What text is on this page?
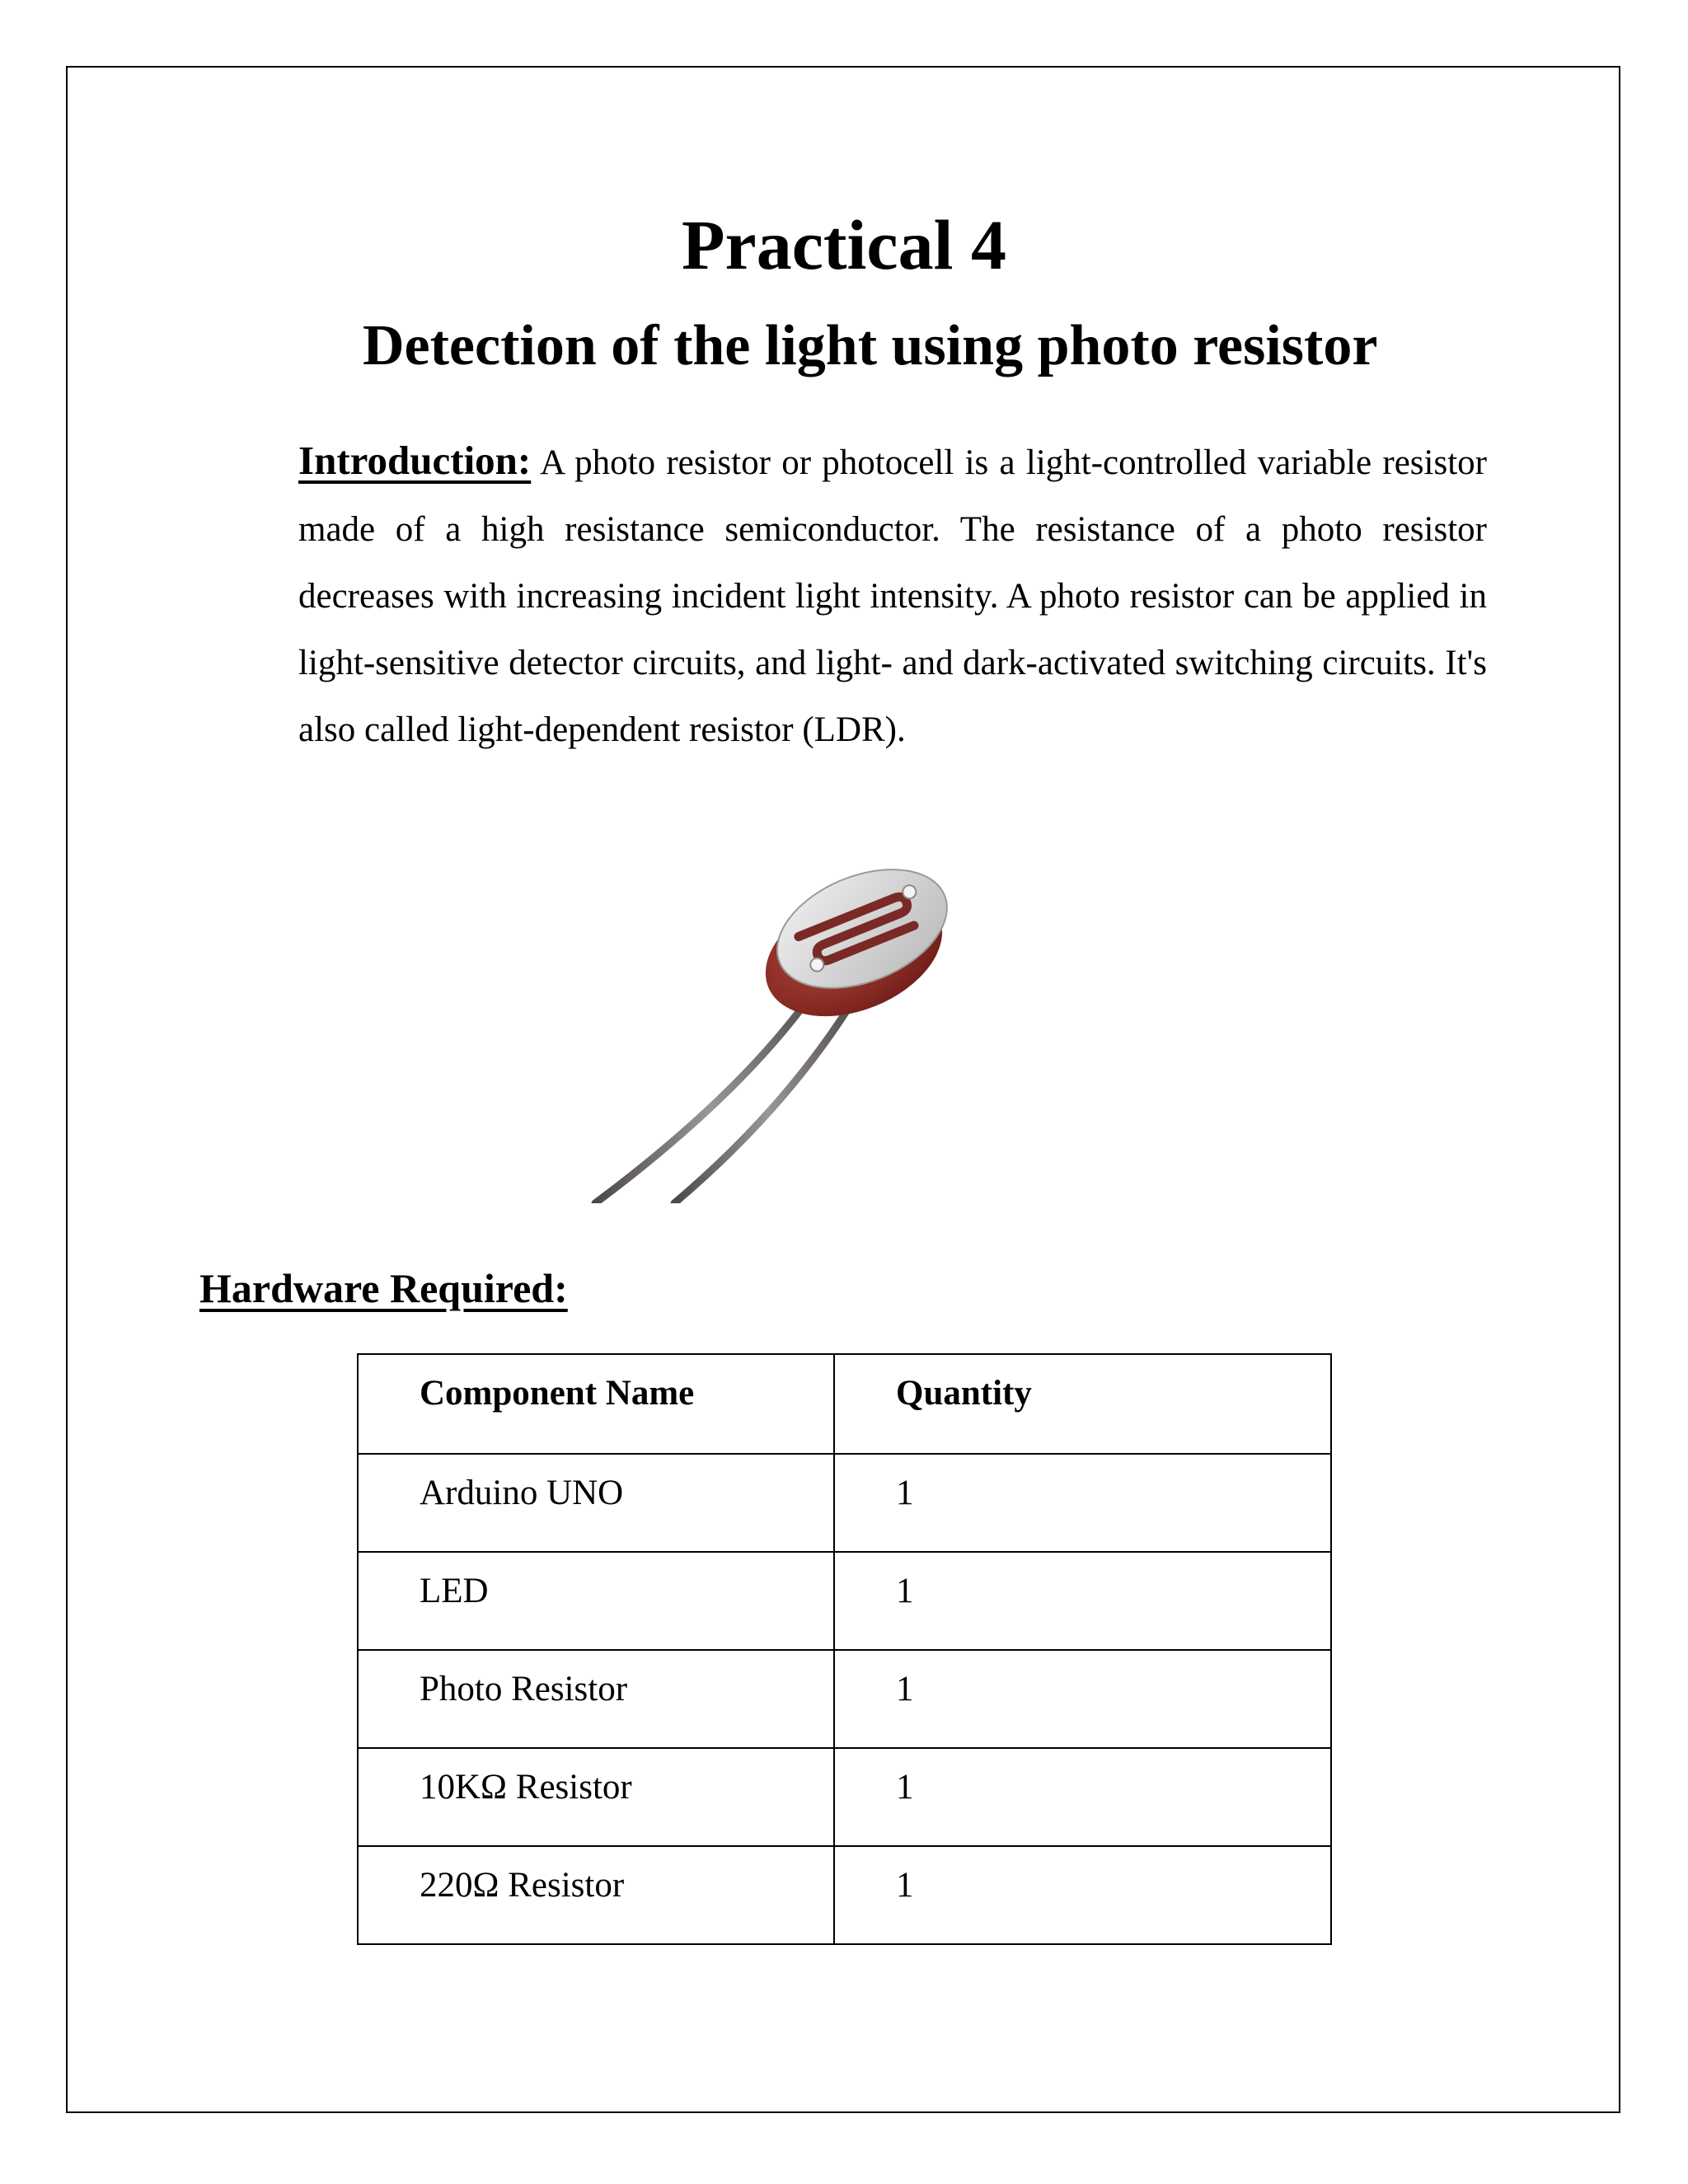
Practical 4
Detection of the light using photo resistor
Introduction: A photo resistor or photocell is a light-controlled variable resistor made of a high resistance semiconductor. The resistance of a photo resistor decreases with increasing incident light intensity. A photo resistor can be applied in light-sensitive detector circuits, and light- and dark-activated switching circuits. It's also called light-dependent resistor (LDR).
Hardware Required:
Component Name	Quantity
Arduino UNO	1
LED	1
Photo Resistor	1
10KΩ Resistor	1
220Ω Resistor	1
